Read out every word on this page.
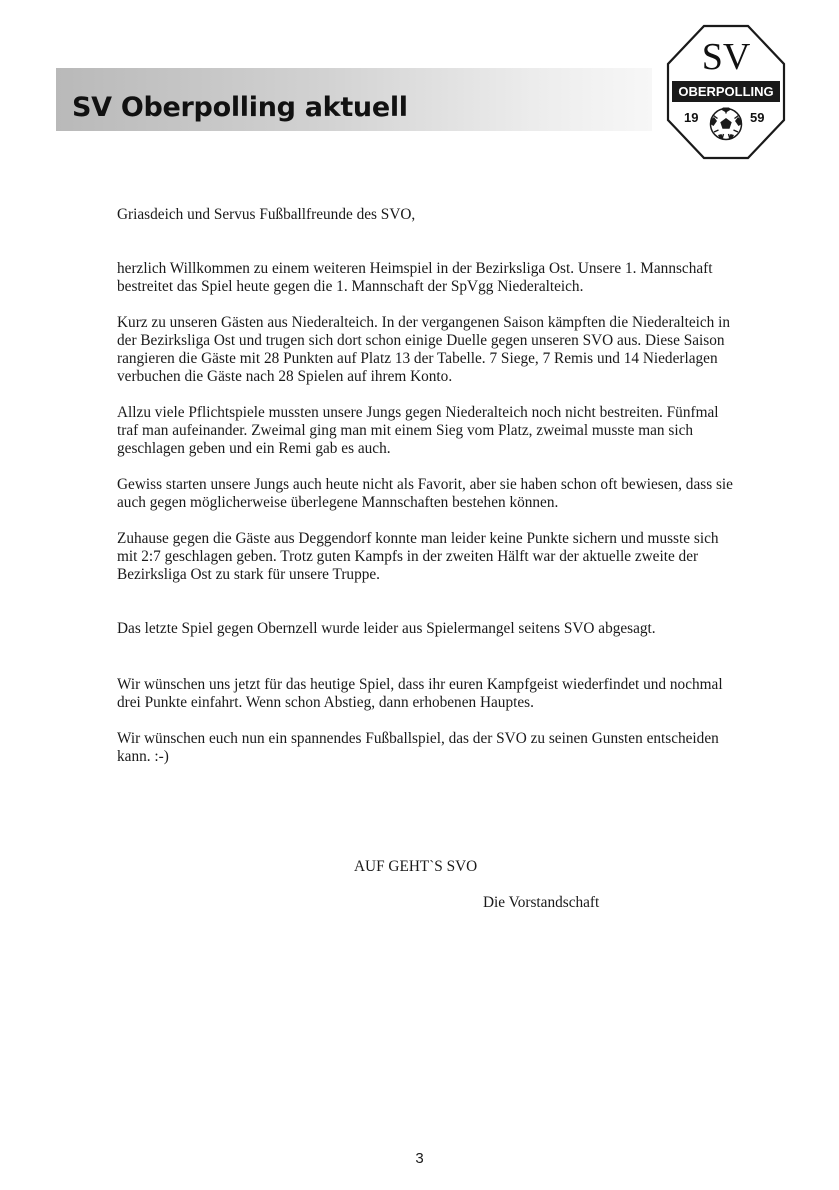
SV Oberpolling aktuell
SV
OBERPOLLING
19	59

Griasdeich und Servus Fußballfreunde des SVO,

herzlich Willkommen zu einem weiteren Heimspiel in der Bezirksliga Ost. Unsere 1. Mannschaft bestreitet das Spiel heute gegen die 1. Mannschaft der SpVgg Niederalteich.

Kurz zu unseren Gästen aus Niederalteich. In der vergangenen Saison kämpften die Niederalteich in der Bezirksliga Ost und trugen sich dort schon einige Duelle gegen unseren SVO aus. Diese Saison rangieren die Gäste mit 28 Punkten auf Platz 13 der Tabelle. 7 Siege, 7 Remis und 14 Niederlagen verbuchen die Gäste nach 28 Spielen auf ihrem Konto.

Allzu viele Pflichtspiele mussten unsere Jungs gegen Niederalteich noch nicht bestreiten. Fünfmal traf man aufeinander. Zweimal ging man mit einem Sieg vom Platz, zweimal musste man sich geschlagen geben und ein Remi gab es auch.

Gewiss starten unsere Jungs auch heute nicht als Favorit, aber sie haben schon oft bewiesen, dass sie auch gegen möglicherweise überlegene Mannschaften bestehen können.

Zuhause gegen die Gäste aus Deggendorf konnte man leider keine Punkte sichern und musste sich mit 2:7 geschlagen geben. Trotz guten Kampfs in der zweiten Hälft war der aktuelle zweite der Bezirksliga Ost zu stark für unsere Truppe.

Das letzte Spiel gegen Obernzell wurde leider aus Spielermangel seitens SVO abgesagt.

Wir wünschen uns jetzt für das heutige Spiel, dass ihr euren Kampfgeist wiederfindet und nochmal drei Punkte einfahrt. Wenn schon Abstieg, dann erhobenen Hauptes.

Wir wünschen euch nun ein spannendes Fußballspiel, das der SVO zu seinen Gunsten entscheiden kann. :-)

AUF GEHT`S SVO
Die Vorstandschaft
3
